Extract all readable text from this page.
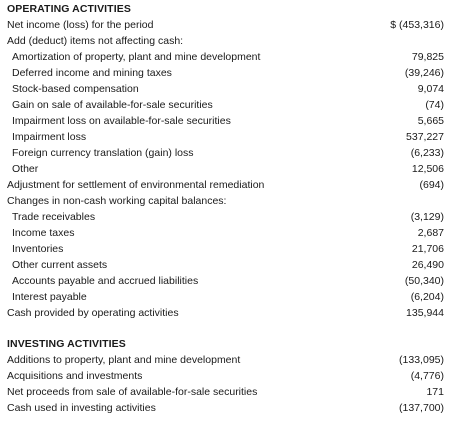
OPERATING ACTIVITIES
Net income (loss) for the period	$ (453,316)
Add (deduct) items not affecting cash:
Amortization of property, plant and mine development	79,825
Deferred income and mining taxes	(39,246)
Stock-based compensation	9,074
Gain on sale of available-for-sale securities	(74)
Impairment loss on available-for-sale securities	5,665
Impairment loss	537,227
Foreign currency translation (gain) loss	(6,233)
Other	12,506
Adjustment for settlement of environmental remediation	(694)
Changes in non-cash working capital balances:
Trade receivables	(3,129)
Income taxes	2,687
Inventories	21,706
Other current assets	26,490
Accounts payable and accrued liabilities	(50,340)
Interest payable	(6,204)
Cash provided by operating activities	135,944
INVESTING ACTIVITIES
Additions to property, plant and mine development	(133,095)
Acquisitions and investments	(4,776)
Net proceeds from sale of available-for-sale securities	171
Cash used in investing activities	(137,700)
